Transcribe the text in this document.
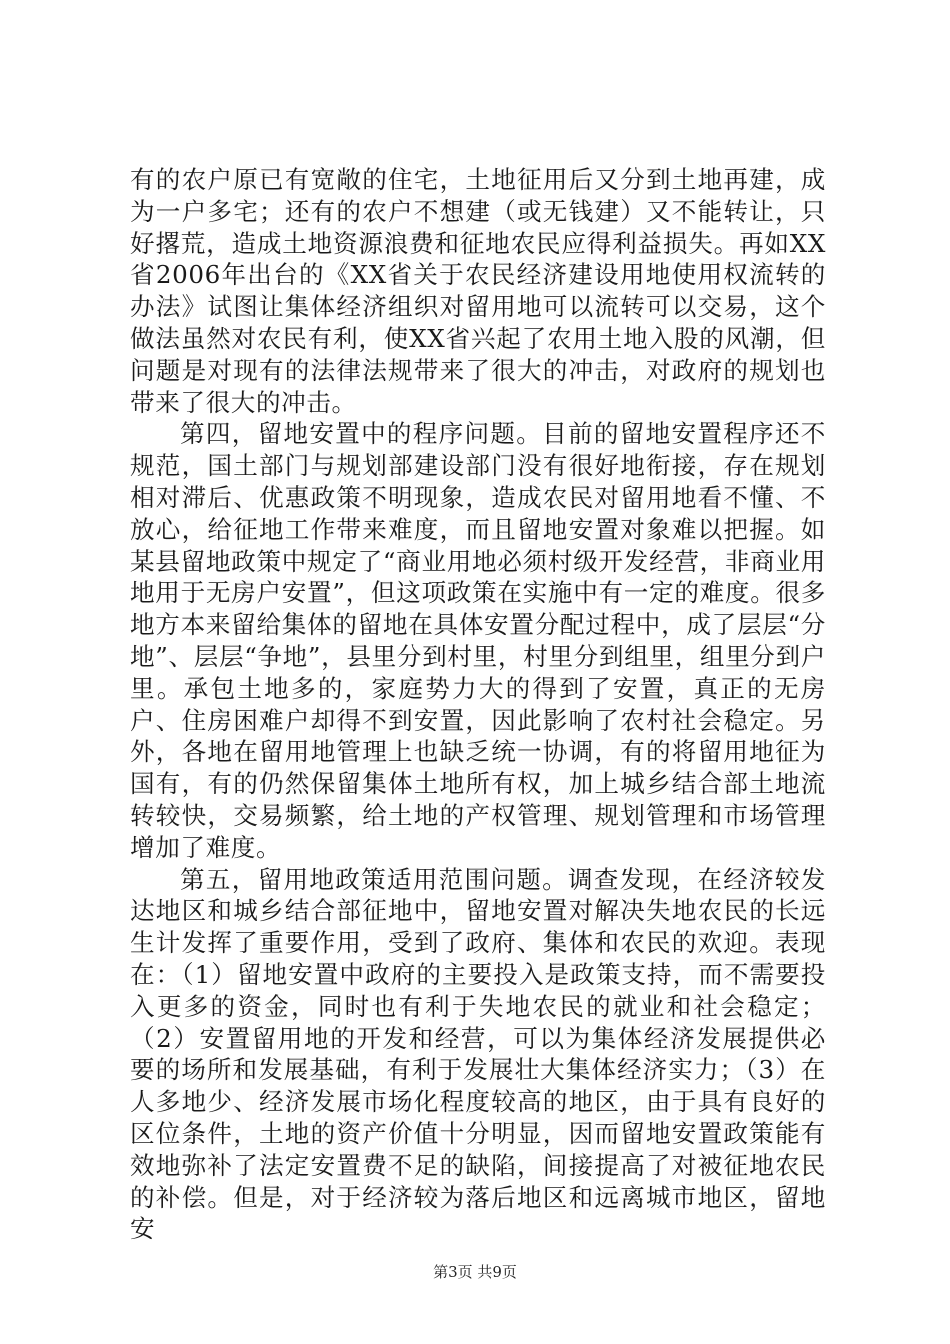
有的农户原已有宽敞的住宅，土地征用后又分到土地再建，成为一户多宅；还有的农户不想建（或无钱建）又不能转让，只好撂荒，造成土地资源浪费和征地农民应得利益损失。再如XX省2006年出台的《XX省关于农民经济建设用地使用权流转的办法》试图让集体经济组织对留用地可以流转可以交易，这个做法虽然对农民有利，使XX省兴起了农用土地入股的风潮，但问题是对现有的法律法规带来了很大的冲击，对政府的规划也带来了很大的冲击。

第四，留地安置中的程序问题。目前的留地安置程序还不规范，国土部门与规划部建设部门没有很好地衔接，存在规划相对滞后、优惠政策不明现象，造成农民对留用地看不懂、不放心，给征地工作带来难度，而且留地安置对象难以把握。如某县留地政策中规定了“商业用地必须村级开发经营，非商业用地用于无房户安置”，但这项政策在实施中有一定的难度。很多地方本来留给集体的留地在具体安置分配过程中，成了层层“分地”、层层“争地”，县里分到村里，村里分到组里，组里分到户里。承包土地多的，家庭势力大的得到了安置，真正的无房户、住房困难户却得不到安置，因此影响了农村社会稳定。另外，各地在留用地管理上也缺乏统一协调，有的将留用地征为国有，有的仍然保留集体土地所有权，加上城乡结合部土地流转较快，交易频繁，给土地的产权管理、规划管理和市场管理增加了难度。

第五，留用地政策适用范围问题。调查发现，在经济较发达地区和城乡结合部征地中，留地安置对解决失地农民的长远生计发挥了重要作用，受到了政府、集体和农民的欢迎。表现在：（1）留地安置中政府的主要投入是政策支持，而不需要投入更多的资金，同时也有利于失地农民的就业和社会稳定；（2）安置留用地的开发和经营，可以为集体经济发展提供必要的场所和发展基础，有利于发展壮大集体经济实力；（3）在人多地少、经济发展市场化程度较高的地区，由于具有良好的区位条件，土地的资产价值十分明显，因而留地安置政策能有效地弥补了法定安置费不足的缺陷，间接提高了对被征地农民的补偿。但是，对于经济较为落后地区和远离城市地区，留地安

第3页 共9页
